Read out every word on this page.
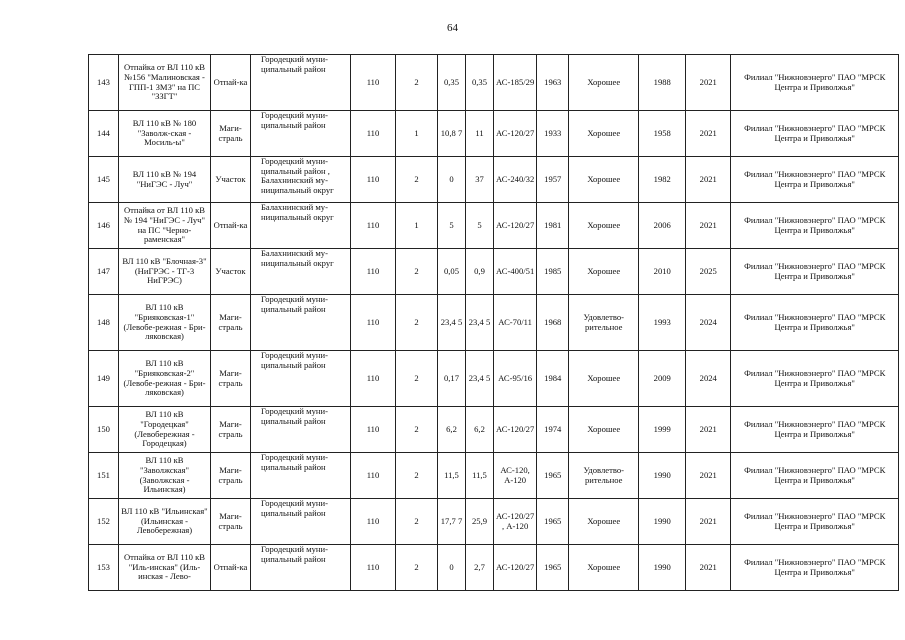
64
143	Отпайка от ВЛ 110 кВ №156 "Малиновская - ГПП-1 ЗМЗ" на ПС "ЗЗГТ"	Отпай-ка	Городецкий муни-ципальный район	110	2	0,35	0,35	АС-185/29	1963	Хорошее	1988	2021	Филиал "Нижновэнерго" ПАО "МРСК Центра и Приволжья"
144	ВЛ 110 кВ № 180 "Заволж-ская - Мосиль-ы"	Маги-страль	Городецкий муни-ципальный район	110	1	10,8 7	11	АС-120/27	1933	Хорошее	1958	2021	Филиал "Нижновэнерго" ПАО "МРСК Центра и Приволжья"
145	ВЛ 110 кВ № 194 "НиГЭС - Луч"	Участок	Городецкий муни-ципальный район , Балахнинский му-ниципальный округ	110	2	0	37	АС-240/32	1957	Хорошее	1982	2021	Филиал "Нижновэнерго" ПАО "МРСК Центра и Приволжья"
146	Отпайка от ВЛ 110 кВ № 194 "НиГЭС - Луч" на ПС "Черно-раменская"	Отпай-ка	Балахнинский му-ниципальный округ	110	1	5	5	АС-120/27	1981	Хорошее	2006	2021	Филиал "Нижновэнерго" ПАО "МРСК Центра и Приволжья"
147	ВЛ 110 кВ "Блочная-3" (НиГРЭС - ТГ-3 НиГРЭС)	Участок	Балахнинский му-ниципальный округ	110	2	0,05	0,9	АС-400/51	1985	Хорошее	2010	2025	Филиал "Нижновэнерго" ПАО "МРСК Центра и Приволжья"
148	ВЛ 110 кВ "Брияковская-1" (Левобе-режная - Бри-ляковская)	Маги-страль	Городецкий муни-ципальный район	110	2	23,4 5	23,4 5	АС-70/11	1968	Удовлетво-рительное	1993	2024	Филиал "Нижновэнерго" ПАО "МРСК Центра и Приволжья"
149	ВЛ 110 кВ "Брияковская-2" (Левобе-режная - Бри-ляковская)	Маги-страль	Городецкий муни-ципальный район	110	2	0,17	23,4 5	АС-95/16	1984	Хорошее	2009	2024	Филиал "Нижновэнерго" ПАО "МРСК Центра и Приволжья"
150	ВЛ 110 кВ "Городецкая" (Левобережная - Городецкая)	Маги-страль	Городецкий муни-ципальный район	110	2	6,2	6,2	АС-120/27	1974	Хорошее	1999	2021	Филиал "Нижновэнерго" ПАО "МРСК Центра и Приволжья"
151	ВЛ 110 кВ "Заволжская" (Заволжская - Ильинская)	Маги-страль	Городецкий муни-ципальный район	110	2	11,5	11,5	АС-120, А-120	1965	Удовлетво-рительное	1990	2021	Филиал "Нижновэнерго" ПАО "МРСК Центра и Приволжья"
152	ВЛ 110 кВ "Ильинская" (Ильинская - Левобережная)	Маги-страль	Городецкий муни-ципальный район	110	2	17,7 7	25,9	АС-120/27 , А-120	1965	Хорошее	1990	2021	Филиал "Нижновэнерго" ПАО "МРСК Центра и Приволжья"
153	Отпайка от ВЛ 110 кВ "Иль-инская" (Иль-инская - Лево-	Отпай-ка	Городецкий муни-ципальный район	110	2	0	2,7	АС-120/27	1965	Хорошее	1990	2021	Филиал "Нижновэнерго" ПАО "МРСК Центра и Приволжья"
